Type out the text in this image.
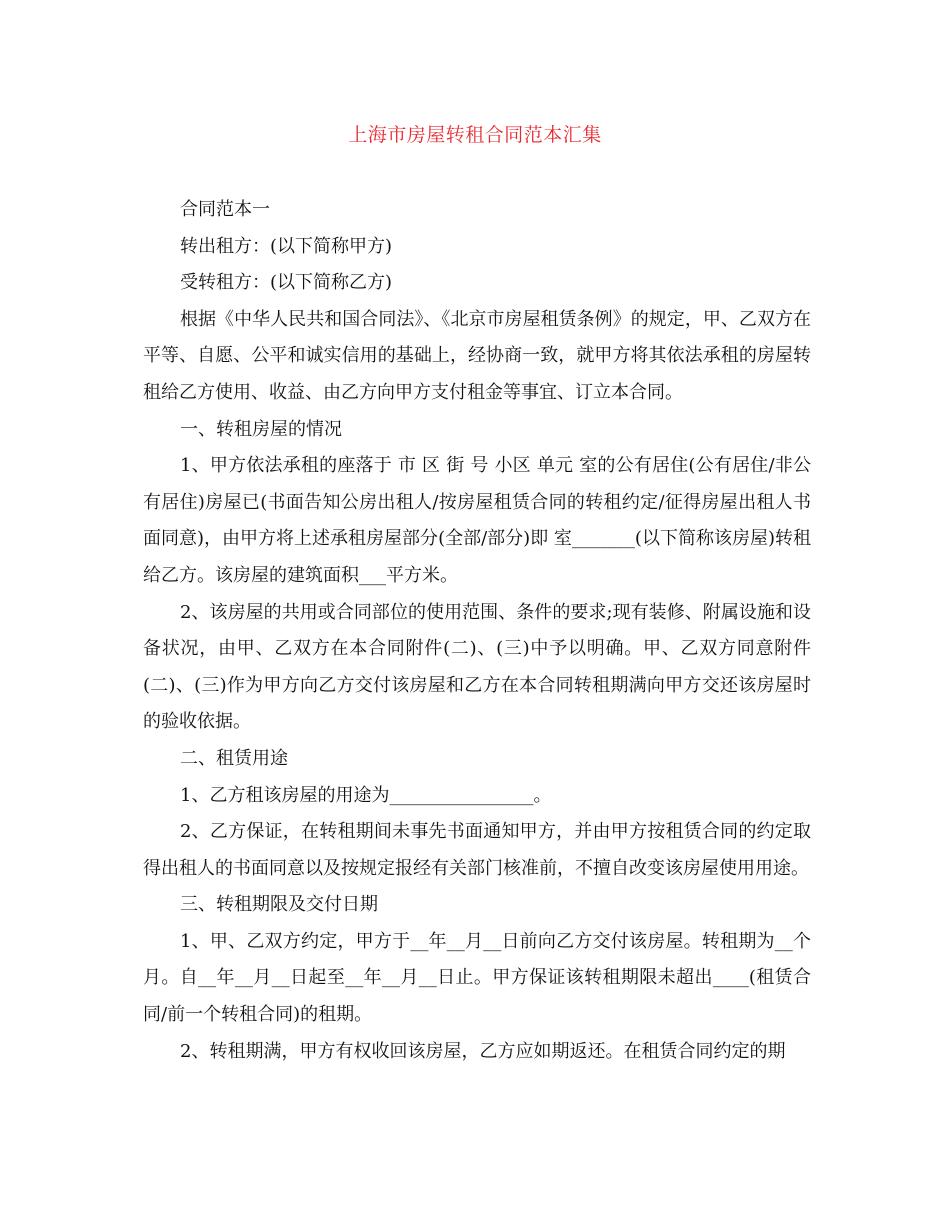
上海市房屋转租合同范本汇集

合同范本一

转出租方：(以下简称甲方)

受转租方：(以下简称乙方)

根据《中华人民共和国合同法》、《北京市房屋租赁条例》的规定，甲、乙双方在平等、自愿、公平和诚实信用的基础上，经协商一致，就甲方将其依法承租的房屋转租给乙方使用、收益、由乙方向甲方支付租金等事宜、订立本合同。

一、转租房屋的情况

1、甲方依法承租的座落于 市 区 街 号 小区 单元 室的公有居住(公有居住/非公有居住)房屋已(书面告知公房出租人/按房屋租赁合同的转租约定/征得房屋出租人书面同意)，由甲方将上述承租房屋部分(全部/部分)即 室_______(以下简称该房屋)转租给乙方。该房屋的建筑面积___平方米。

2、该房屋的共用或合同部位的使用范围、条件的要求;现有装修、附属设施和设备状况，由甲、乙双方在本合同附件(二)、(三)中予以明确。甲、乙双方同意附件(二)、(三)作为甲方向乙方交付该房屋和乙方在本合同转租期满向甲方交还该房屋时的验收依据。

二、租赁用途

1、乙方租该房屋的用途为________________。

2、乙方保证，在转租期间未事先书面通知甲方，并由甲方按租赁合同的约定取得出租人的书面同意以及按规定报经有关部门核准前，不擅自改变该房屋使用用途。

三、转租期限及交付日期

1、甲、乙双方约定，甲方于__年__月__日前向乙方交付该房屋。转租期为__个月。自__年__月__日起至__年__月__日止。甲方保证该转租期限未超出____(租赁合同/前一个转租合同)的租期。

2、转租期满，甲方有权收回该房屋，乙方应如期返还。在租赁合同约定的期
